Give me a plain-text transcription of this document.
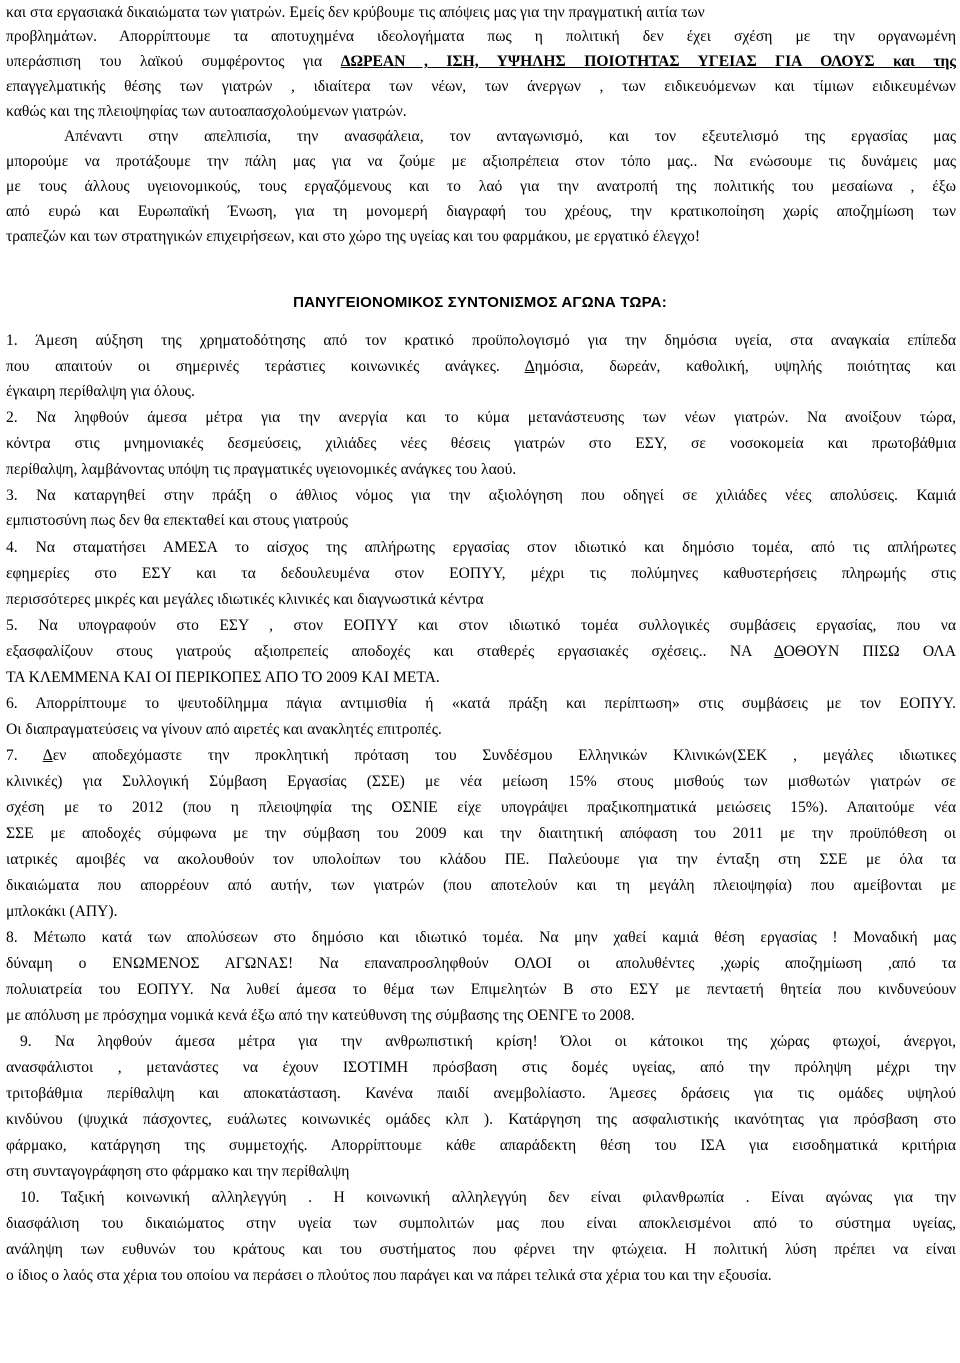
και στα εργασιακά δικαιώματα των γιατρών. Εμείς δεν κρύβουμε τις απόψεις μας για την πραγματική αιτία των
προβλημάτων. Απορρίπτουμε τα αποτυχημένα ιδεολογήματα πως η πολιτική δεν έχει σχέση με την οργανωμένη
υπεράσπιση του λαϊκού συμφέροντος για ΔΩΡΕΑΝ , ΙΣΗ, ΥΨΗΛΗΣ ΠΟΙΟΤΗΤΑΣ ΥΓΕΙΑΣ ΓΙΑ ΟΛΟΥΣ και της
επαγγελματικής θέσης των γιατρών , ιδιαίτερα των νέων, των άνεργων , των ειδικευόμενων και τίμιων ειδικευμένων
καθώς και της πλειοψηφίας των αυτοαπασχολούμενων γιατρών.
Απέναντι στην απελπισία, την ανασφάλεια, τον ανταγωνισμό, και τον εξευτελισμό της εργασίας μας
μπορούμε να προτάξουμε την πάλη μας για να ζούμε με αξιοπρέπεια στον τόπο μας.. Να ενώσουμε τις δυνάμεις μας
με τους άλλους υγειονομικούς, τους εργαζόμενους και το λαό για την ανατροπή της πολιτικής του μεσαίωνα , έξω
από ευρώ και Ευρωπαϊκή Ένωση, για τη μονομερή διαγραφή του χρέους, την κρατικοποίηση χωρίς αποζημίωση των
τραπεζών και των στρατηγικών επιχειρήσεων, και στο χώρο της υγείας και του φαρμάκου, με εργατικό έλεγχο!
1. Άμεση αύξηση της χρηματοδότησης από τον κρατικό προϋπολογισμό για την δημόσια υγεία, στα αναγκαία επίπεδα
που απαιτούν οι σημερινές τεράστιες κοινωνικές ανάγκες. Δημόσια, δωρεάν, καθολική, υψηλής ποιότητας και
έγκαιρη περίθαλψη για όλους.
2. Να ληφθούν άμεσα μέτρα για την ανεργία και το κύμα μετανάστευσης των νέων γιατρών. Να ανοίξουν τώρα,
κόντρα στις μνημονιακές δεσμεύσεις, χιλιάδες νέες θέσεις γιατρών στο ΕΣΥ, σε νοσοκομεία και πρωτοβάθμια
περίθαλψη, λαμβάνοντας υπόψη τις πραγματικές υγειονομικές ανάγκες του λαού.
3. Να καταργηθεί στην πράξη ο άθλιος νόμος για την αξιολόγηση που οδηγεί σε χιλιάδες νέες απολύσεις. Καμιά
εμπιστοσύνη πως δεν θα επεκταθεί και στους γιατρούς
4. Να σταματήσει ΑΜΕΣΑ το αίσχος της απλήρωτης εργασίας στον ιδιωτικό και δημόσιο τομέα, από τις απλήρωτες
εφημερίες στο ΕΣΥ και τα δεδουλευμένα στον ΕΟΠΥΥ, μέχρι τις πολύμηνες καθυστερήσεις πληρωμής στις
περισσότερες μικρές και μεγάλες ιδιωτικές κλινικές και διαγνωστικά κέντρα
5. Να υπογραφούν στο ΕΣΥ , στον ΕΟΠΥΥ και στον ιδιωτικό τομέα συλλογικές συμβάσεις εργασίας, που να
εξασφαλίζουν στους γιατρούς αξιοπρεπείς αποδοχές και σταθερές εργασιακές σχέσεις.. ΝΑ ΔΟΘΟΥΝ ΠΙΣΩ ΟΛΑ
ΤΑ ΚΛΕΜΜΕΝΑ ΚΑΙ ΟΙ ΠΕΡΙΚΟΠΕΣ ΑΠΟ ΤΟ 2009 ΚΑΙ ΜΕΤΑ.
6. Απορρίπτουμε το ψευτοδίλημμα πάγια αντιμισθία ή «κατά πράξη και περίπτωση» στις συμβάσεις με τον ΕΟΠΥΥ.
Οι διαπραγματεύσεις να γίνουν από αιρετές και ανακλητές επιτροπές.
7. Δεν αποδεχόμαστε την προκλητική πρόταση του Συνδέσμου Ελληνικών Κλινικών(ΣΕΚ , μεγάλες ιδιωτικες
κλινικές) για Συλλογική Σύμβαση Εργασίας (ΣΣΕ) με νέα μείωση 15% στους μισθούς των μισθωτών γιατρών σε
σχέση με το 2012 (που η πλειοψηφία της ΟΣΝΙΕ είχε υπογράψει πραξικοπηματικά μειώσεις 15%). Απαιτούμε νέα
ΣΣΕ με αποδοχές σύμφωνα με την σύμβαση του 2009 και την διαιτητική απόφαση του 2011 με την προϋπόθεση οι
ιατρικές αμοιβές να ακολουθούν τον υπολοίπων του κλάδου ΠΕ. Παλεύουμε για την ένταξη στη ΣΣΕ με όλα τα
δικαιώματα που απορρέουν από αυτήν, των γιατρών (που αποτελούν και τη μεγάλη πλειοψηφία) που αμείβονται με
μπλοκάκι (ΑΠΥ).
8. Μέτωπο κατά των απολύσεων στο δημόσιο και ιδιωτικό τομέα. Να μην χαθεί καμιά θέση εργασίας ! Μοναδική μας
δύναμη ο ΕΝΩΜΕΝΟΣ ΑΓΩΝΑΣ! Να επαναπροσληφθούν ΟΛΟΙ οι απολυθέντες ,χωρίς αποζημίωση ,από τα
πολυιατρεία του ΕΟΠΥΥ. Να λυθεί άμεσα το θέμα των Επιμελητών Β στο ΕΣΥ με πενταετή θητεία που κινδυνεύουν
με απόλυση με πρόσχημα νομικά κενά έξω από την κατεύθυνση της σύμβασης της ΟΕΝΓΕ το 2008.
9. Να ληφθούν άμεσα μέτρα για την ανθρωπιστική κρίση! Όλοι οι κάτοικοι της χώρας φτωχοί, άνεργοι,
ανασφάλιστοι , μετανάστες να έχουν ΙΣΟΤΙΜΗ πρόσβαση στις δομές υγείας, από την πρόληψη μέχρι την
τριτοβάθμια περίθαλψη και αποκατάσταση. Κανένα παιδί ανεμβολίαστο. Άμεσες δράσεις για τις ομάδες υψηλού
κινδύνου (ψυχικά πάσχοντες, ευάλωτες κοινωνικές ομάδες κλπ ). Κατάργηση της ασφαλιστικής ικανότητας για πρόσβαση στο
φάρμακο, κατάργηση της συμμετοχής. Απορρίπτουμε κάθε απαράδεκτη θέση του ΙΣΑ για εισοδηματικά κριτήρια
στη συνταγογράφηση στο φάρμακο και την περίθαλψη
10. Ταξική κοινωνική αλληλεγγύη . Η κοινωνική αλληλεγγύη δεν είναι φιλανθρωπία . Είναι αγώνας για την
διασφάλιση του δικαιώματος στην υγεία των συμπολιτών μας που είναι αποκλεισμένοι από το σύστημα υγείας,
ανάληψη των ευθυνών του κράτους και του συστήματος που φέρνει την φτώχεια. Η πολιτική λύση πρέπει να είναι
ο ίδιος ο λαός στα χέρια του οποίου να περάσει ο πλούτος που παράγει και να πάρει τελικά στα χέρια του και την εξουσία.
ΠΑΝΥΓΕΙΟΝΟΜΙΚΟΣ ΣΥΝΤΟΝΙΣΜΟΣ ΑΓΩΝΑ ΤΩΡΑ:
